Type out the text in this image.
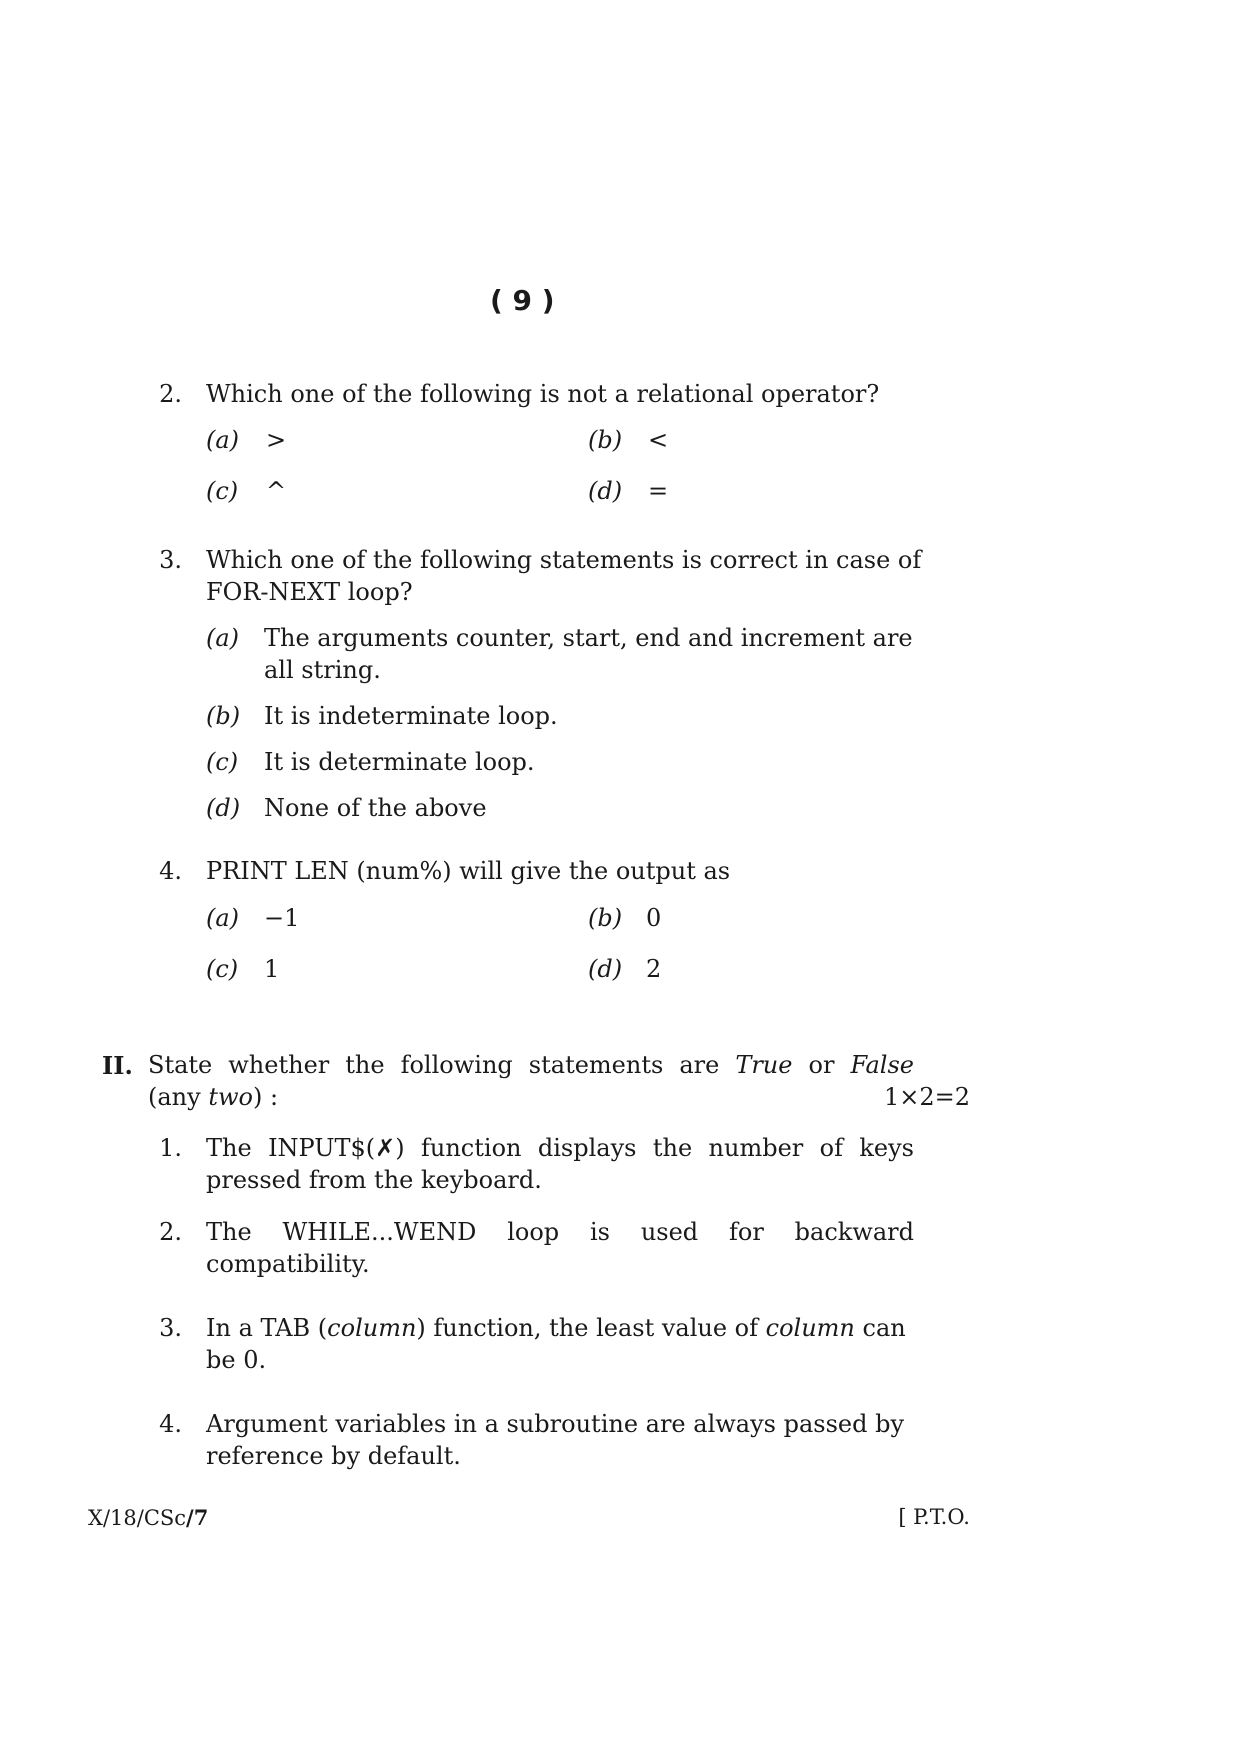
( 9 )
2. Which one of the following is not a relational operator?
(a) >	(b) <
(c) ^	(d) =
3. Which one of the following statements is correct in case of
FOR-NEXT loop?
(a) The arguments counter, start, end and increment are
all string.
(b) It is indeterminate loop.
(c) It is determinate loop.
(d) None of the above
4. PRINT LEN (num%) will give the output as
(a) −1	(b) 0
(c) 1	(d) 2
II. State whether the following statements are True or False
(any two) :	1×2=2
1. The INPUT$(✗) function displays the number of keys
pressed from the keyboard.
2. The WHILE...WEND loop is used for backward
compatibility.
3. In a TAB (column) function, the least value of column can
be 0.
4. Argument variables in a subroutine are always passed by
reference by default.
X/18/CSc/7	[ P.T.O.
